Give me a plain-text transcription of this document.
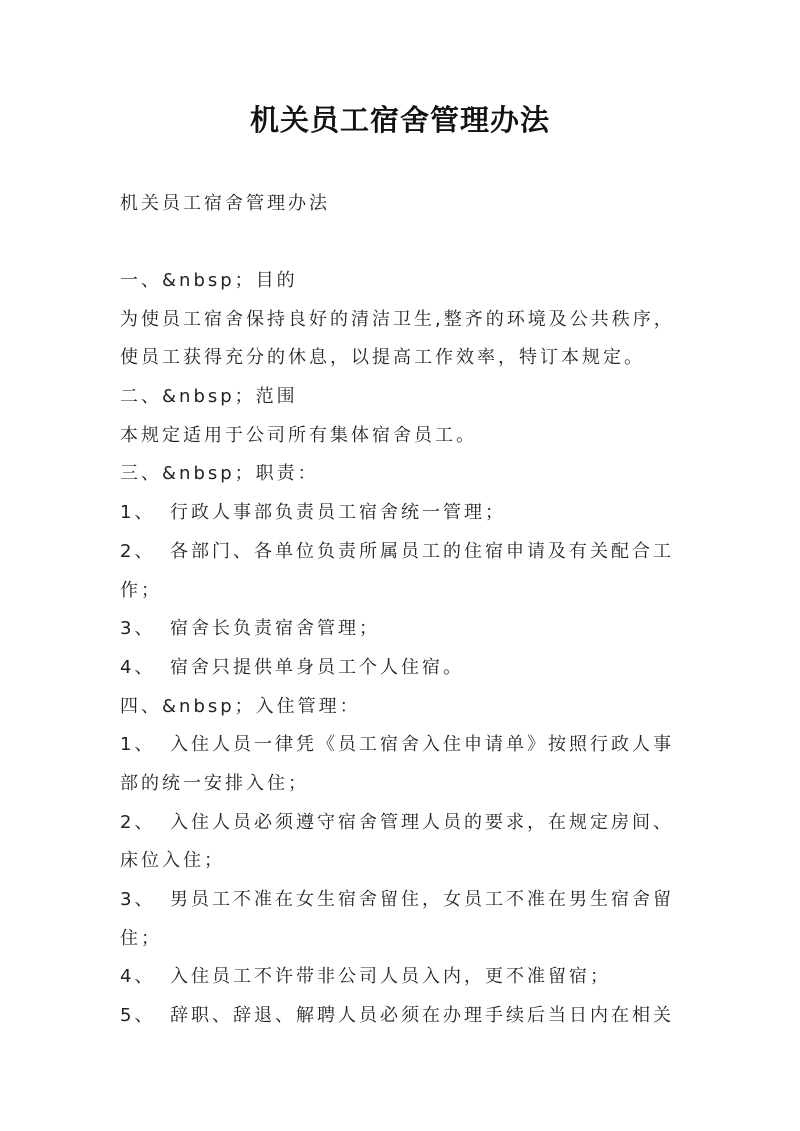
机关员工宿舍管理办法
机关员工宿舍管理办法
一、&nbsp；目的
为使员工宿舍保持良好的清洁卫生,整齐的环境及公共秩序，
使员工获得充分的休息，以提高工作效率，特订本规定。
二、&nbsp；范围
本规定适用于公司所有集体宿舍员工。
三、&nbsp；职责：
1、 行政人事部负责员工宿舍统一管理；
2、 各部门、各单位负责所属员工的住宿申请及有关配合工
作；
3、 宿舍长负责宿舍管理；
4、 宿舍只提供单身员工个人住宿。
四、&nbsp；入住管理：
1、 入住人员一律凭《员工宿舍入住申请单》按照行政人事
部的统一安排入住；
2、 入住人员必须遵守宿舍管理人员的要求，在规定房间、
床位入住；
3、 男员工不准在女生宿舍留住，女员工不准在男生宿舍留
住；
4、 入住员工不许带非公司人员入内，更不准留宿；
5、 辞职、辞退、解聘人员必须在办理手续后当日内在相关
